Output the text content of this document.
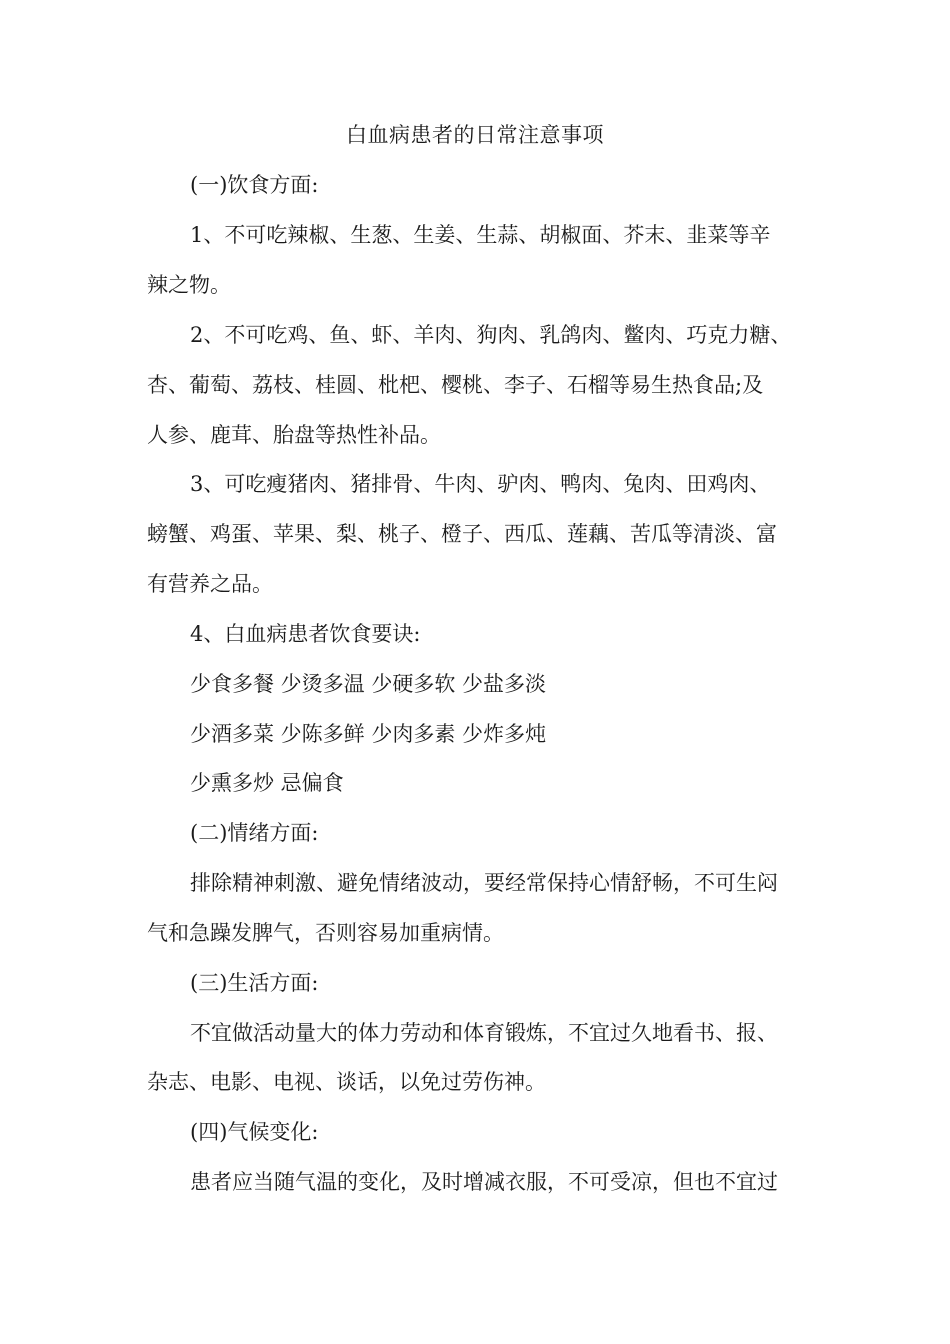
白血病患者的日常注意事项
(一)饮食方面:
1、不可吃辣椒、生葱、生姜、生蒜、胡椒面、芥末、韭菜等辛
辣之物。
2、不可吃鸡、鱼、虾、羊肉、狗肉、乳鸽肉、鳖肉、巧克力糖、
杏、葡萄、荔枝、桂圆、枇杷、樱桃、李子、石榴等易生热食品;及
人参、鹿茸、胎盘等热性补品。
3、可吃瘦猪肉、猪排骨、牛肉、驴肉、鸭肉、兔肉、田鸡肉、
螃蟹、鸡蛋、苹果、梨、桃子、橙子、西瓜、莲藕、苦瓜等清淡、富
有营养之品。
4、白血病患者饮食要诀:
少食多餐 少烫多温 少硬多软 少盐多淡
少酒多菜 少陈多鲜 少肉多素 少炸多炖
少熏多炒 忌偏食
(二)情绪方面:
排除精神刺激、避免情绪波动，要经常保持心情舒畅，不可生闷
气和急躁发脾气，否则容易加重病情。
(三)生活方面:
不宜做活动量大的体力劳动和体育锻炼，不宜过久地看书、报、
杂志、电影、电视、谈话，以免过劳伤神。
(四)气候变化:
患者应当随气温的变化，及时增减衣服，不可受凉，但也不宜过
